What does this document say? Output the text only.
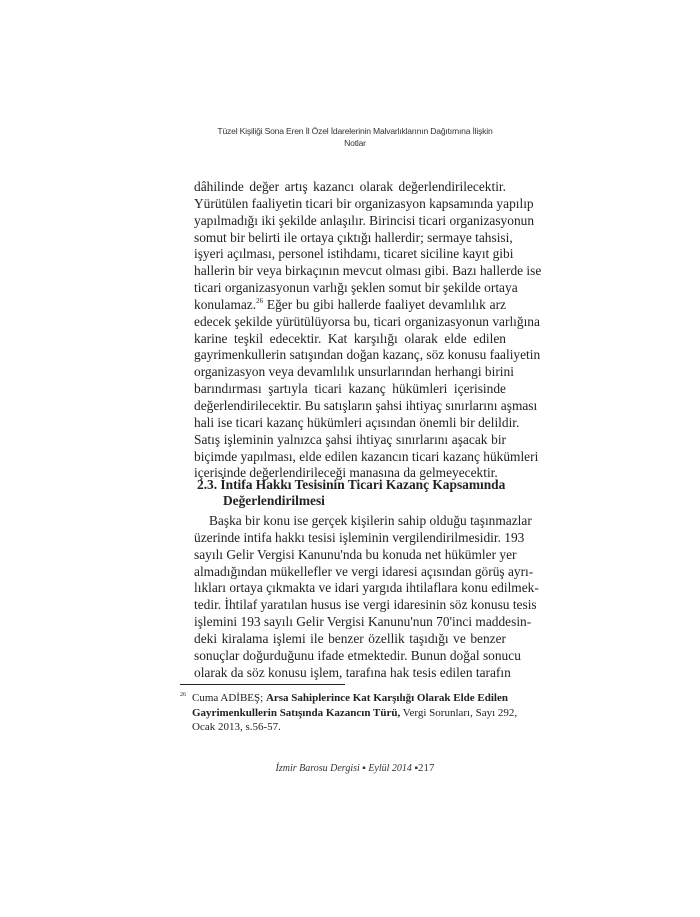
Tüzel Kişiliği Sona Eren İl Özel İdarelerinin Malvarlıklarının Dağıtımına İlişkin
Notlar
dâhilinde değer artış kazancı olarak değerlendirilecektir.
Yürütülen faaliyetin ticari bir organizasyon kapsamında yapılıp
yapılmadığı iki şekilde anlaşılır. Birincisi ticari organizasyonun
somut bir belirti ile ortaya çıktığı hallerdir; sermaye tahsisi,
işyeri açılması, personel istihdamı, ticaret siciline kayıt gibi
hallerin bir veya birkaçının mevcut olması gibi. Bazı hallerde ise
ticari organizasyonun varlığı şeklen somut bir şekilde ortaya
konulamaz.$^{26}$ Eğer bu gibi hallerde faaliyet devamlılık arz
edecek şekilde yürütülüyorsa bu, ticari organizasyonun varlığına
karine teşkil edecektir. Kat karşılığı olarak elde edilen
gayrimenkullerin satışından doğan kazanç, söz konusu faaliyetin
organizasyon veya devamlılık unsurlarından herhangi birini
barındırması şartıyla ticari kazanç hükümleri içerisinde
değerlendirilecektir. Bu satışların şahsi ihtiyaç sınırlarını aşması
hali ise ticari kazanç hükümleri açısından önemli bir delildir.
Satış işleminin yalnızca şahsi ihtiyaç sınırlarını aşacak bir
biçimde yapılması, elde edilen kazancın ticari kazanç hükümleri
içerisinde değerlendirileceği manasına da gelmeyecektir.
2.3. İntifa Hakkı Tesisinin Ticari Kazanç Kapsamında
Değerlendirilmesi
Başka bir konu ise gerçek kişilerin sahip olduğu taşınmazlar
üzerinde intifa hakkı tesisi işleminin vergilendirilmesidir. 193
sayılı Gelir Vergisi Kanunu'nda bu konuda net hükümler yer
almadığından mükellefler ve vergi idaresi açısından görüş ayrı-
lıkları ortaya çıkmakta ve idari yargıda ihtilaflara konu edilmek-
tedir. İhtilaf yaratılan husus ise vergi idaresinin söz konusu tesis
işlemini 193 sayılı Gelir Vergisi Kanunu'nun 70'inci maddesin-
deki kiralama işlemi ile benzer özellik taşıdığı ve benzer
sonuçlar doğurduğunu ifade etmektedir. Bunun doğal sonucu
olarak da söz konusu işlem, tarafına hak tesis edilen tarafın
$^{26}$ Cuma ADİBEŞ; Arsa Sahiplerince Kat Karşılığı Olarak Elde Edilen
Gayrimenkullerin Satışında Kazancın Türü, Vergi Sorunları, Sayı 292,
Ocak 2013, s.56-57.
İzmir Barosu Dergisi ▪ Eylül 2014 ▪217
